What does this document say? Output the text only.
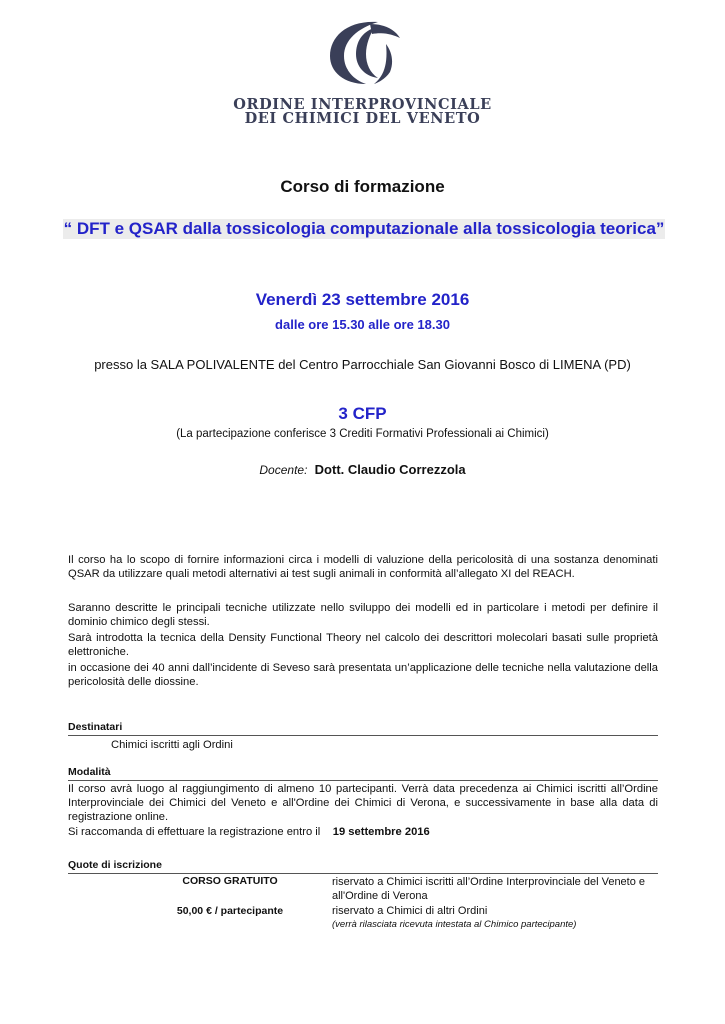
ORDINE INTERPROVINCIALE
DEI CHIMICI DEL VENETO
Corso di formazione
“ DFT e QSAR dalla tossicologia computazionale alla tossicologia teorica”
Venerdì 23 settembre 2016
dalle ore 15.30 alle ore 18.30
presso la SALA POLIVALENTE del Centro Parrocchiale San Giovanni Bosco di LIMENA (PD)
3 CFP
(La partecipazione conferisce 3 Crediti Formativi Professionali ai Chimici)
Docente: Dott. Claudio Correzzola
Il corso ha lo scopo di fornire informazioni circa i modelli di valuzione della pericolosità di una sostanza denominati QSAR da utilizzare quali metodi alternativi ai test sugli animali in conformità all’allegato XI del REACH.
Saranno descritte le principali tecniche utilizzate nello sviluppo dei modelli ed in particolare i metodi per definire il dominio chimico degli stessi.
Sarà introdotta la tecnica della Density Functional Theory nel calcolo dei descrittori molecolari basati sulle proprietà elettroniche.
in occasione dei 40 anni dall’incidente di Seveso sarà presentata un’applicazione delle tecniche nella valutazione della pericolosità delle diossine.
Destinatari
Chimici iscritti agli Ordini
Modalità
Il corso avrà luogo al raggiungimento di almeno 10 partecipanti. Verrà data precedenza ai Chimici iscritti all’Ordine Interprovinciale dei Chimici del Veneto e all'Ordine dei Chimici di Verona, e successivamente in base alla data di registrazione online.
Si raccomanda di effettuare la registrazione entro il 19 settembre 2016
Quote di iscrizione
CORSO GRATUITO	riservato a Chimici iscritti all’Ordine Interprovinciale del Veneto e all'Ordine di Verona
50,00 € / partecipante	riservato a Chimici di altri Ordini
(verrà rilasciata ricevuta intestata al Chimico partecipante)
